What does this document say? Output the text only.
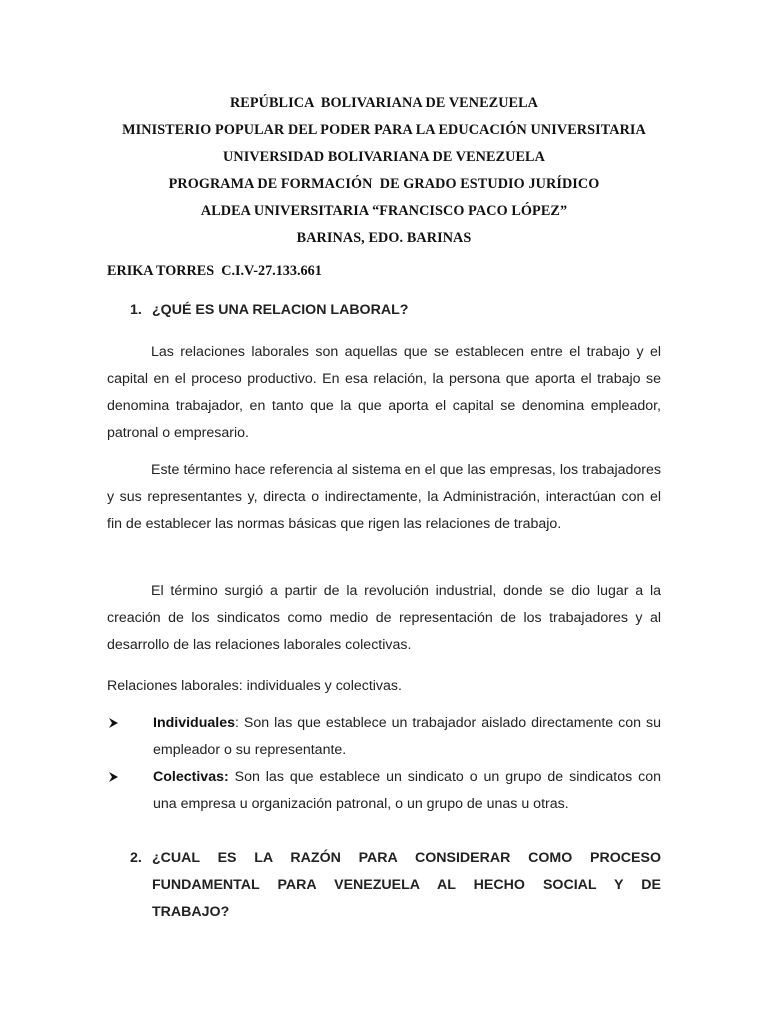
REPÚBLICA  BOLIVARIANA DE VENEZUELA
MINISTERIO POPULAR DEL PODER PARA LA EDUCACIÓN UNIVERSITARIA
UNIVERSIDAD BOLIVARIANA DE VENEZUELA
PROGRAMA DE FORMACIÓN  DE GRADO ESTUDIO JURÍDICO
ALDEA UNIVERSITARIA “FRANCISCO PACO LÓPEZ”
BARINAS, EDO. BARINAS
ERIKA TORRES  C.I.V-27.133.661
1. ¿QUÉ ES UNA RELACION LABORAL?

Las relaciones laborales son aquellas que se establecen entre el trabajo y el capital en el proceso productivo. En esa relación, la persona que aporta el trabajo se denomina trabajador, en tanto que la que aporta el capital se denomina empleador, patronal o empresario.

Este término hace referencia al sistema en el que las empresas, los trabajadores y sus representantes y, directa o indirectamente, la Administración, interactúan con el fin de establecer las normas básicas que rigen las relaciones de trabajo.

El término surgió a partir de la revolución industrial, donde se dio lugar a la creación de los sindicatos como medio de representación de los trabajadores y al desarrollo de las relaciones laborales colectivas.

Relaciones laborales: individuales y colectivas.

Individuales: Son las que establece un trabajador aislado directamente con su empleador o su representante.
Colectivas: Son las que establece un sindicato o un grupo de sindicatos con una empresa u organización patronal, o un grupo de unas u otras.
2. ¿CUAL ES LA RAZÓN PARA CONSIDERAR COMO PROCESO
FUNDAMENTAL PARA VENEZUELA AL HECHO SOCIAL Y DE
TRABAJO?
